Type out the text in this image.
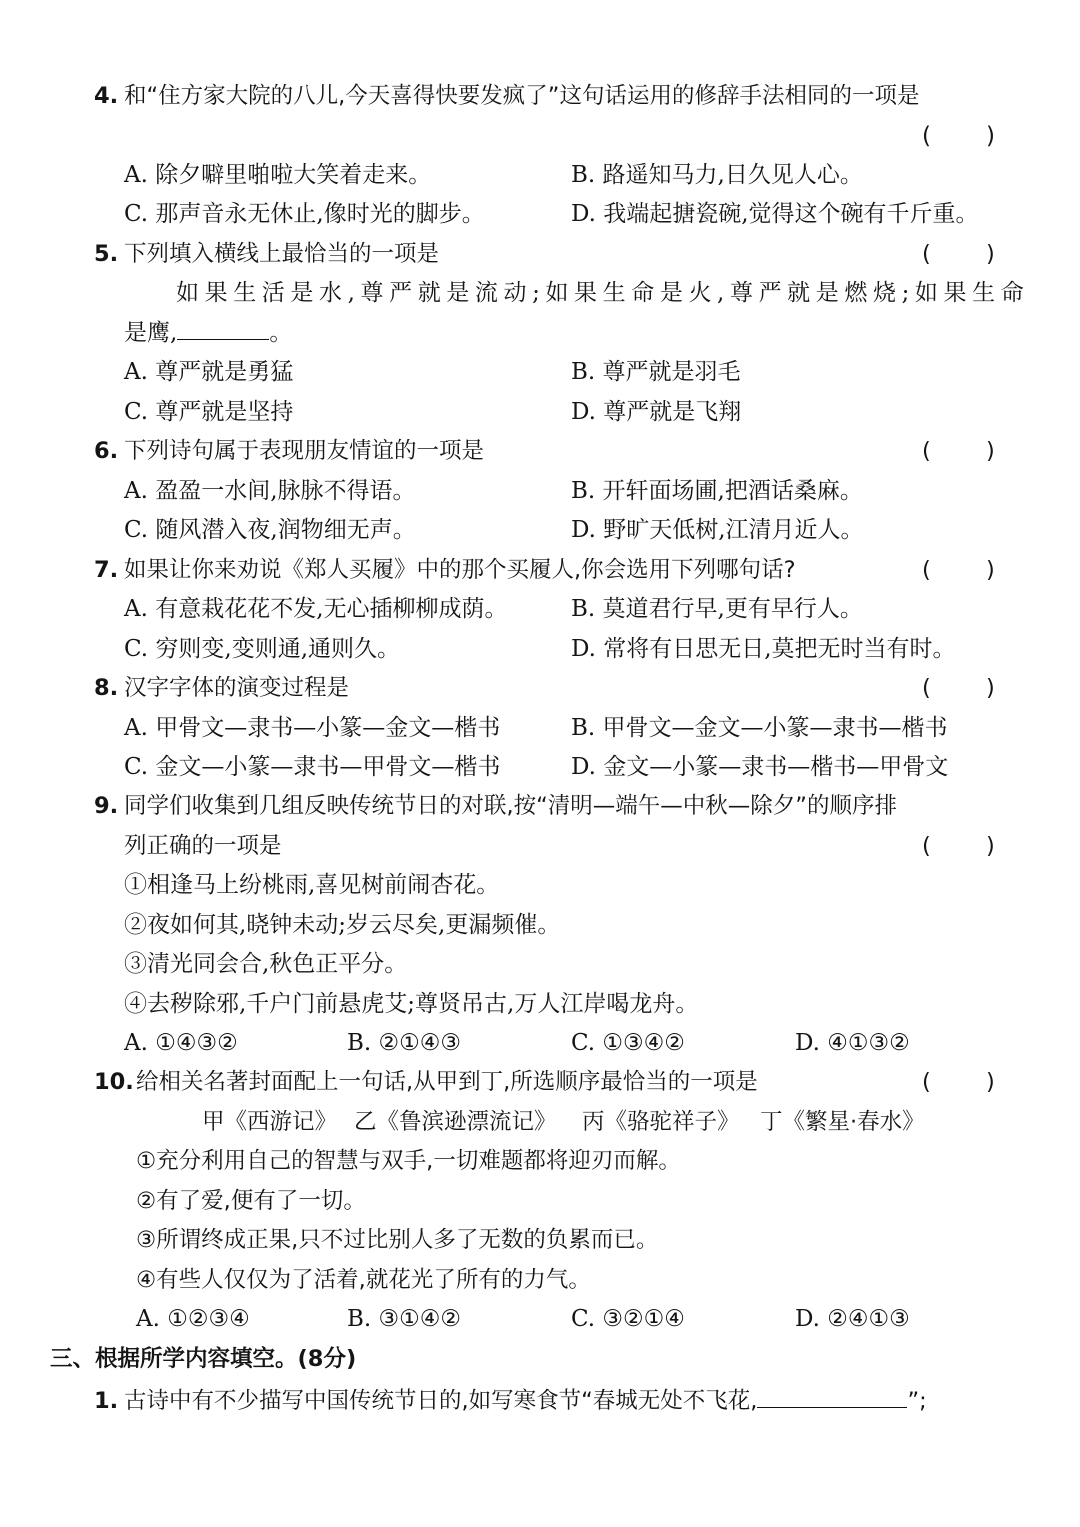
4. 和“住方家大院的八儿,今天喜得快要发疯了”这句话运用的修辞手法相同的一项是
( )
A. 除夕噼里啪啦大笑着走来。	B. 路遥知马力,日久见人心。
C. 那声音永无休止,像时光的脚步。	D. 我端起搪瓷碗,觉得这个碗有千斤重。
5. 下列填入横线上最恰当的一项是	( )
如果生活是水,尊严就是流动;如果生命是火,尊严就是燃烧;如果生命
是鹰,	。
A. 尊严就是勇猛	B. 尊严就是羽毛
C. 尊严就是坚持	D. 尊严就是飞翔
6. 下列诗句属于表现朋友情谊的一项是	( )
A. 盈盈一水间,脉脉不得语。	B. 开轩面场圃,把酒话桑麻。
C. 随风潜入夜,润物细无声。	D. 野旷天低树,江清月近人。
7. 如果让你来劝说《郑人买履》中的那个买履人,你会选用下列哪句话?	( )
A. 有意栽花花不发,无心插柳柳成荫。	B. 莫道君行早,更有早行人。
C. 穷则变,变则通,通则久。	D. 常将有日思无日,莫把无时当有时。
8. 汉字字体的演变过程是	( )
A. 甲骨文—隶书—小篆—金文—楷书	B. 甲骨文—金文—小篆—隶书—楷书
C. 金文—小篆—隶书—甲骨文—楷书	D. 金文—小篆—隶书—楷书—甲骨文
9. 同学们收集到几组反映传统节日的对联,按“清明—端午—中秋—除夕”的顺序排
列正确的一项是	( )
①相逢马上纷桃雨,喜见树前闹杏花。
②夜如何其,晓钟未动;岁云尽矣,更漏频催。
③清光同会合,秋色正平分。
④去秽除邪,千户门前悬虎艾;尊贤吊古,万人江岸喝龙舟。
A. ①④③②	B. ②①④③	C. ①③④②	D. ④①③②
10. 给相关名著封面配上一句话,从甲到丁,所选顺序最恰当的一项是	( )
甲《西游记》 乙《鲁滨逊漂流记》 丙《骆驼祥子》 丁《繁星·春水》
①充分利用自己的智慧与双手,一切难题都将迎刃而解。
②有了爱,便有了一切。
③所谓终成正果,只不过比别人多了无数的负累而已。
④有些人仅仅为了活着,就花光了所有的力气。
A. ①②③④	B. ③①④②	C. ③②①④	D. ②④①③
三、根据所学内容填空。(8分)
1. 古诗中有不少描写中国传统节日的,如写寒食节“春城无处不飞花,	”;
